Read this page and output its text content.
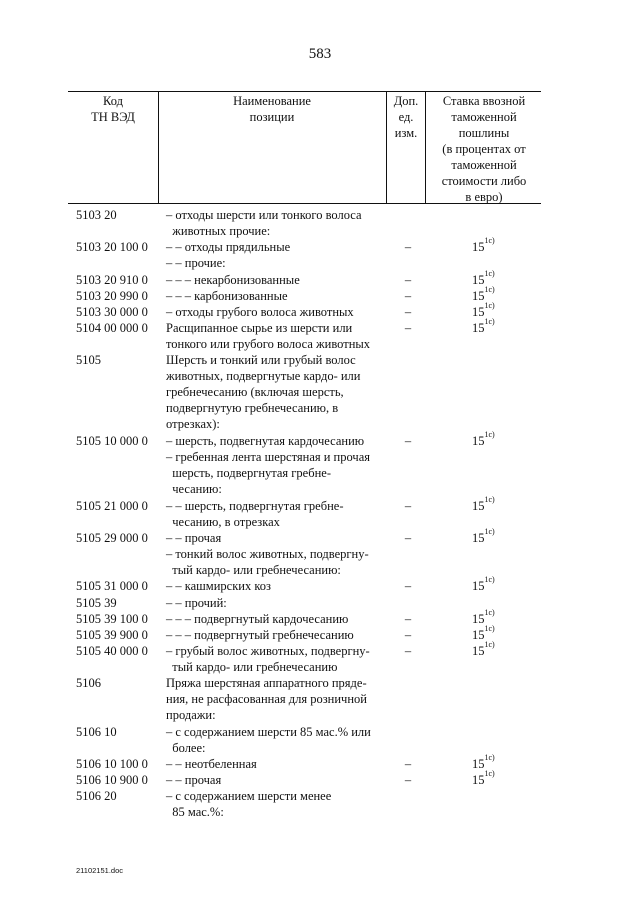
583
Код
ТН ВЭД
Наименование
позиции
Доп.
ед.
изм.
Ставка ввозной
таможенной
пошлины
(в процентах от
таможенной
стоимости либо
в евро)
5103 20	– отходы шерсти или тонкого волоса
животных прочие:
5103 20 100 0 – – отходы прядильные	–	$15^{1c)}$
– – прочие:
5103 20 910 0 – – – некарбонизованные	–	$15^{1c)}$
5103 20 990 0 – – – карбонизованные	–	$15^{1c)}$
5103 30 000 0 – отходы грубого волоса животных	–	$15^{1c)}$
5104 00 000 0 Расщипанное сырье из шерсти или
тонкого или грубого волоса животных
–	$15^{1c)}$
5105	Шерсть и тонкий или грубый волос
животных, подвергнутые кардо- или
гребнечесанию (включая шерсть,
подвергнутую гребнечесанию, в
отрезках):
5105 10 000 0 – шерсть, подвегнутая кардочесанию	–	$15^{1c)}$
– гребенная лента шерстяная и прочая
шерсть, подвергнутая гребне-
чесанию:
5105 21 000 0 – – шерсть, подвергнутая гребне-
чесанию, в отрезках
–	$15^{1c)}$
5105 29 000 0 – – прочая	–	$15^{1c)}$
– тонкий волос животных, подвергну-
тый кардо- или гребнечесанию:
5105 31 000 0 – – кашмирских коз	–	$15^{1c)}$
5105 39	– – прочий:
5105 39 100 0 – – – подвергнутый кардочесанию	–	$15^{1c)}$
5105 39 900 0 – – – подвергнутый гребнечесанию	–	$15^{1c)}$
5105 40 000 0 – грубый волос животных, подвергну-
тый кардо- или гребнечесанию
–	$15^{1c)}$
5106	Пряжа шерстяная аппаратного пряде-
ния, не расфасованная для розничной
продажи:
5106 10	– с содержанием шерсти 85 мас.% или
более:
5106 10 100 0 – – неотбеленная	–	$15^{1c)}$
5106 10 900 0 – – прочая	–	$15^{1c)}$
5106 20	– с содержанием шерсти менее
85 мас.%:
21102151.doc
